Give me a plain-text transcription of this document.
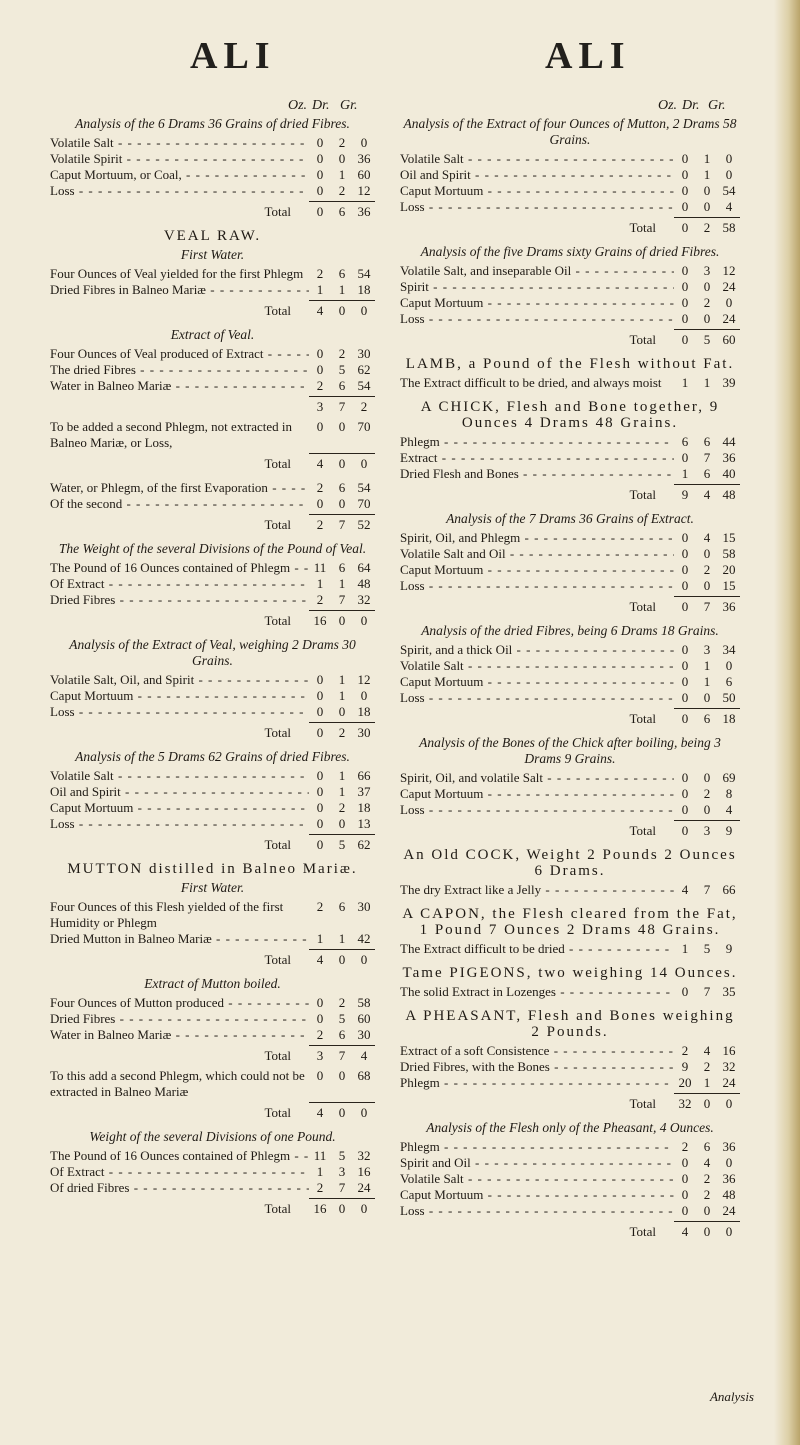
ALI	ALI
Oz. Dr. Gr.
Analysis of the 6 Drams 36 Grains of dried Fibres.
Volatile Salt - - -	0	2	0
Volatile Spirit - - -	0	0 36
Caput Mortuum, or Coal, - - -	0	1 60
Loss - - -	0	2 12
Total	0	6 36
VEAL RAW.
First Water.
Four Ounces of Veal yielded for the first Phlegm	2	6 54
Dried Fibres in Balneo Mariæ - - -	1	1 18
Total	4	0	0
Extract of Veal.
Four Ounces of Veal produced of Extract - - -	0	2 30
The dried Fibres - - -	0	5 62
Water in Balneo Mariæ - - -	2	6 54
3	7	2
To be added a second Phlegm, not extracted in Balneo Mariæ, or Loss,
0	0 70
Total	4	0	0
Water, or Phlegm, of the first Evaporation - - -	2	6 54
Of the second - - -	0	0 70
Total	2	7 52
The Weight of the several Divisions of the Pound of Veal.
The Pound of 16 Ounces contained of Phlegm - - -	11 6 64
Of Extract - - -	1	1 48
Dried Fibres - - -	2	7 32
Total	16 0	0
Analysis of the Extract of Veal, weighing 2 Drams 30 Grains.
Volatile Salt, Oil, and Spirit - - -	0	1 12
Caput Mortuum - - -	0	1	0
Loss - - -	0	0 18
Total	0	2 30
Analysis of the 5 Drams 62 Grains of dried Fibres.
Volatile Salt - - -	0	1 66
Oil and Spirit - - -	0	1 37
Caput Mortuum - - -	0	2 18
Loss - - -	0	0 13
Total	0	5 62
MUTTON distilled in Balneo Mariæ.
First Water.
Four Ounces of this Flesh yielded of the first Humidity or Phlegm
2	6 30
Dried Mutton in Balneo Mariæ - - -	1	1 42
Total	4	0	0
Extract of Mutton boiled.
Four Ounces of Mutton produced - - -	0	2 58
Dried Fibres - - -	0	5 60
Water in Balneo Mariæ - - -	2	6 30
Total	3	7	4
To this add a second Phlegm, which could not be extracted in Balneo Mariæ
0	0 68
Total	4	0	0
Weight of the several Divisions of one Pound.
The Pound of 16 Ounces contained of Phlegm - - -	11 5 32
Of Extract - - -	1	3 16
Of dried Fibres - - -	2	7 24
Total	16 0	0
Oz. Dr. Gr.
Analysis of the Extract of four Ounces of Mutton, 2 Drams 58 Grains.
Volatile Salt - - -	0	1	0
Oil and Spirit - - -	0	1	0
Caput Mortuum - - -	0	0 54
Loss - - -	0	0	4
Total	0	2 58
Analysis of the five Drams sixty Grains of dried Fibres.
Volatile Salt, and inseparable Oil - - -	0	3 12
Spirit - - -	0	0 24
Caput Mortuum - - -	0	2	0
Loss - - -	0	0 24
Total	0	5 60
LAMB, a Pound of the Flesh without Fat.
The Extract difficult to be dried, and always moist	1	1 39
A CHICK, Flesh and Bone together, 9 Ounces 4 Drams 48 Grains.
Phlegm - - -	6	6 44
Extract - - -	0	7 36
Dried Flesh and Bones - - -	1	6 40
Total	9	4 48
Analysis of the 7 Drams 36 Grains of Extract.
Spirit, Oil, and Phlegm - - -	0	4 15
Volatile Salt and Oil - - -	0	0 58
Caput Mortuum - - -	0	2 20
Loss - - -	0	0 15
Total	0	7 36
Analysis of the dried Fibres, being 6 Drams 18 Grains.
Spirit, and a thick Oil - - -	0	3 34
Volatile Salt - - -	0	1	0
Caput Mortuum - - -	0	1	6
Loss - - -	0	0 50
Total	0	6 18
Analysis of the Bones of the Chick after boiling, being 3 Drams 9 Grains.
Spirit, Oil, and volatile Salt - - -	0	0 69
Caput Mortuum - - -	0	2	8
Loss - - -	0	0	4
Total	0	3	9
An Old COCK, Weight 2 Pounds 2 Ounces 6 Drams.
The dry Extract like a Jelly - - -	4	7 66
A CAPON, the Flesh cleared from the Fat, 1 Pound 7 Ounces 2 Drams 48 Grains.
The Extract difficult to be dried - - -	1	5	9
Tame PIGEONS, two weighing 14 Ounces.
The solid Extract in Lozenges - - -	0	7 35
A PHEASANT, Flesh and Bones weighing 2 Pounds.
Extract of a soft Consistence - - -	2	4 16
Dried Fibres, with the Bones - - -	9	2 32
Phlegm - - -	20 1 24
Total	32 0	0
Analysis of the Flesh only of the Pheasant, 4 Ounces.
Phlegm - - -	2	6 36
Spirit and Oil - - -	0	4	0
Volatile Salt - - -	0	2 36
Caput Mortuum - - -	0	2 48
Loss - - -	0	0 24
Total	4	0	0
Analysis
